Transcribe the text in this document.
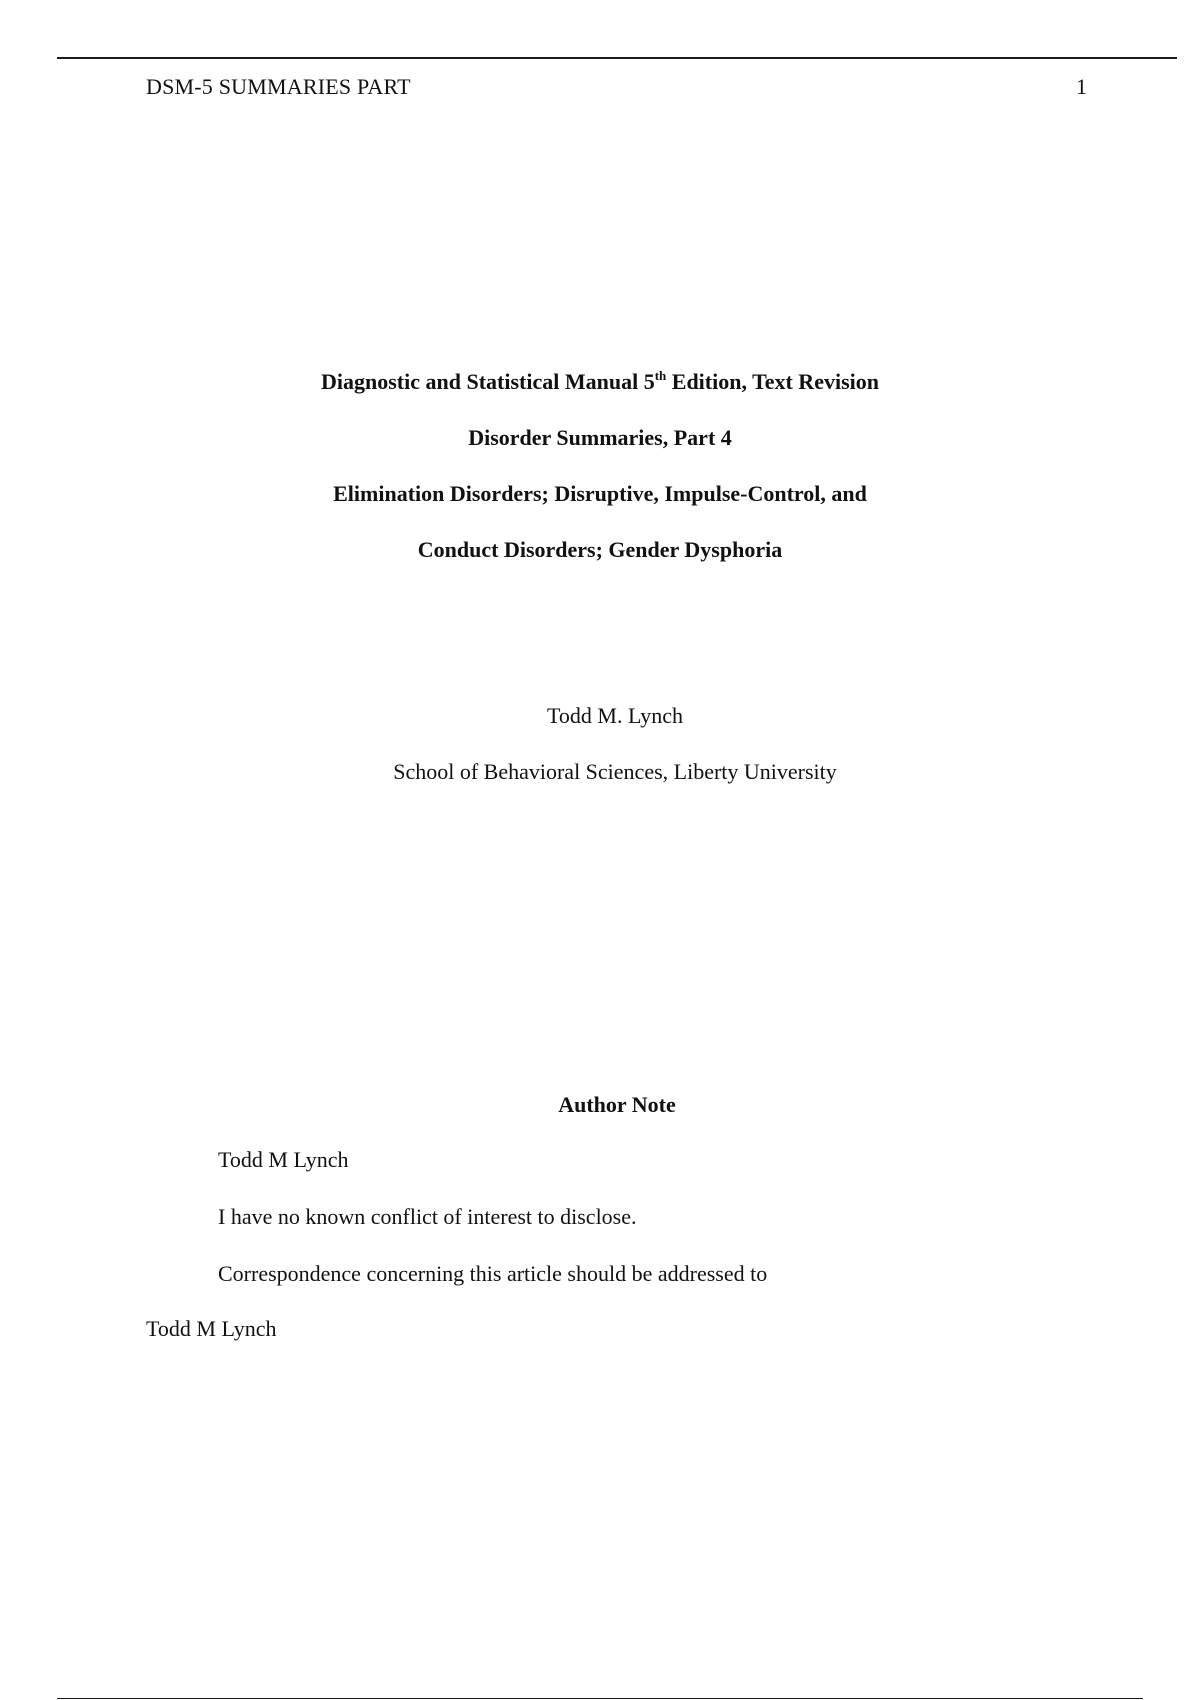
DSM-5 SUMMARIES PART	1
Diagnostic and Statistical Manual 5th Edition, Text Revision
Disorder Summaries, Part 4
Elimination Disorders; Disruptive, Impulse-Control, and
Conduct Disorders; Gender Dysphoria
Todd M. Lynch
School of Behavioral Sciences, Liberty University
Author Note
Todd M Lynch
I have no known conflict of interest to disclose.
Correspondence concerning this article should be addressed to
Todd M Lynch
